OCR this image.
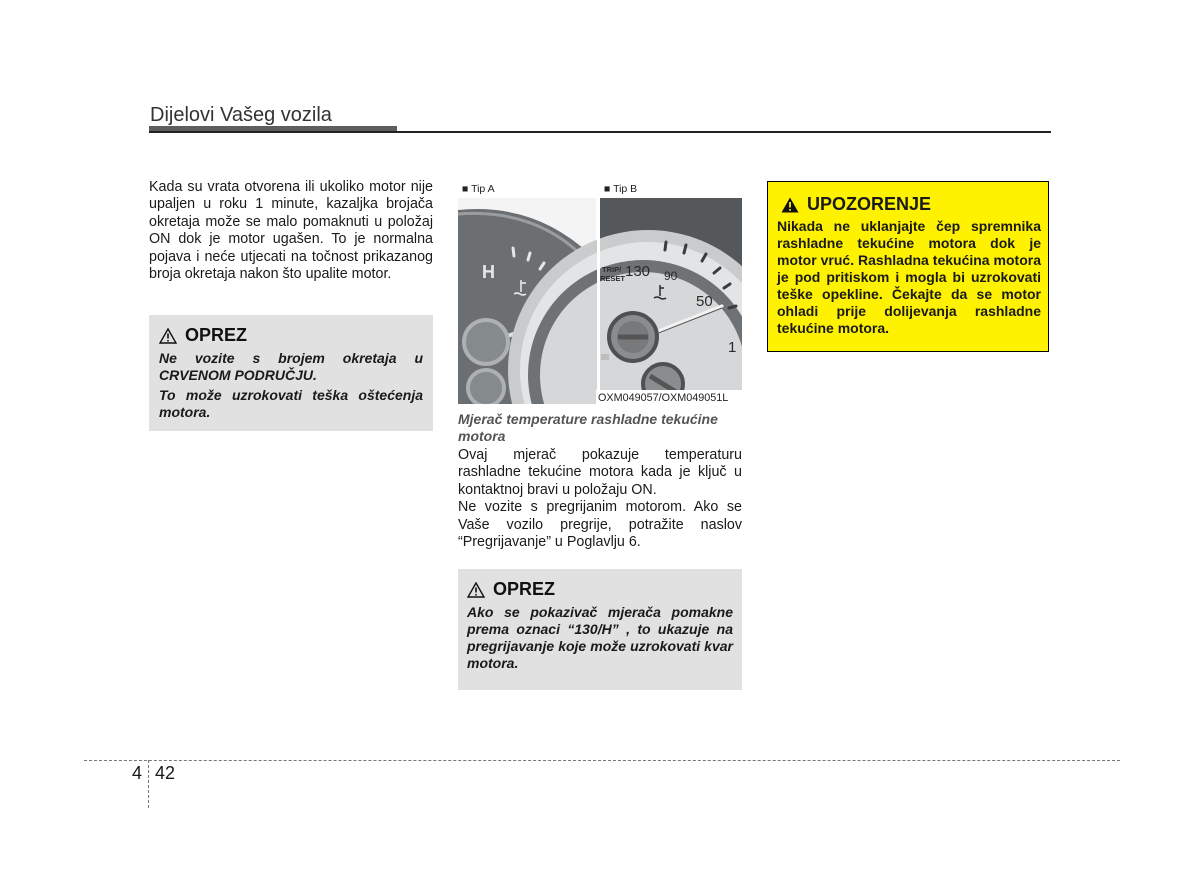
Dijelovi Vašeg vozila
Kada su vrata otvorena ili ukoliko motor nije upaljen u roku 1 minute, kazaljka brojača okretaja može se malo pomaknuti u položaj ON dok je motor ugašen. To je normalna pojava i neće utjecati na točnost prikazanog broja okretaja nakon što upalite motor.
OPREZ

Ne vozite s brojem okretaja u CRVENOM PODRUČJU.

To može uzrokovati teška oštećenja motora.

H
■ Tip A
TRIP/
RESET 130 90
50
1
■ Tip B
OXM049057/OXM049051L
Mjerač temperature rashladne tekućine motora

Ovaj mjerač pokazuje temperaturu rashladne tekućine motora kada je ključ u kontaktnoj bravi u položaju ON.

Ne vozite s pregrijanim motorom. Ako se Vaše vozilo pregrije, potražite naslov “Pregrijavanje” u Poglavlju 6.

OPREZ

Ako se pokazivač mjerača pomakne prema oznaci “130/H” , to ukazuje na pregrijavanje koje može uzrokovati kvar motora.

UPOZORENJE

Nikada ne uklanjajte čep spremnika rashladne tekućine motora dok je motor vruć. Rashladna tekućina motora je pod pritiskom i mogla bi uzrokovati teške opekline. Čekajte da se motor ohladi prije dolijevanja rashladne tekućine motora.

4 42
